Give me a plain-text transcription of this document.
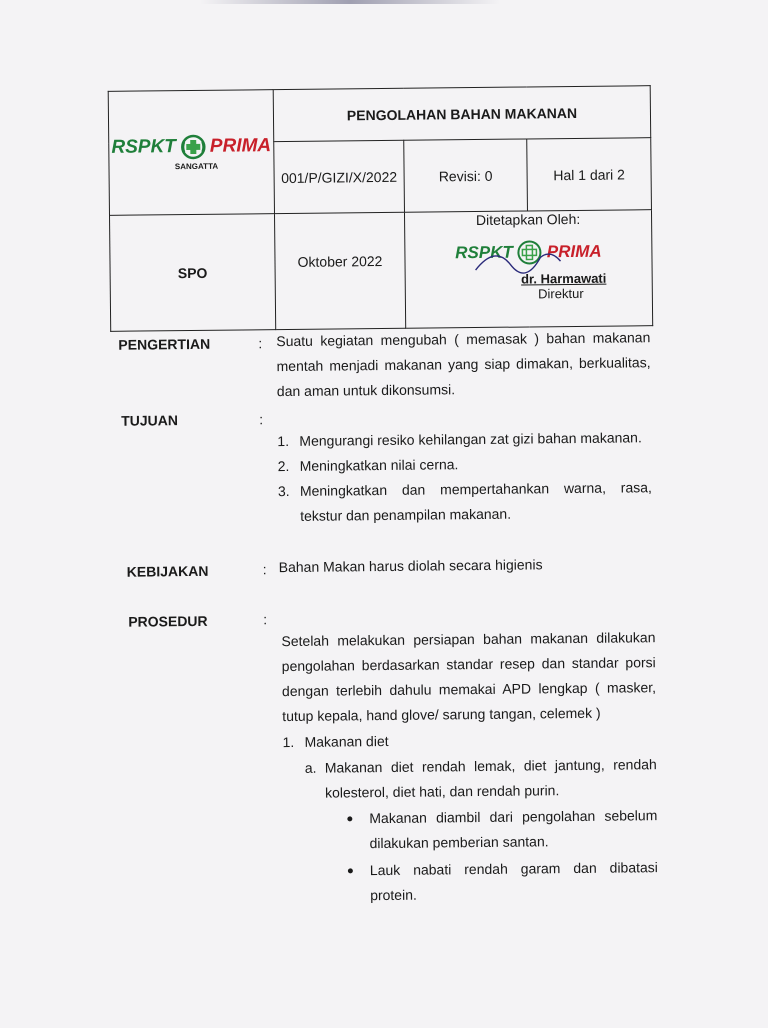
RSPKT PRIMA
SANGATTA	PENGOLAHAN BAHAN MAKANAN		
	001/P/GIZI/X/2022	Revisi: 0	Hal 1 dari 2
SPO	Oktober 2022	Ditetapkan Oleh:
RSPKT PRIMA
dr. Harmawati
Direktur	
PENGERTIAN	: Suatu kegiatan mengubah ( memasak ) bahan makanan mentah menjadi makanan yang siap dimakan, berkualitas, dan aman untuk dikonsumsi.
TUJUAN	:
1. Mengurangi resiko kehilangan zat gizi bahan makanan.
2. Meningkatkan nilai cerna.
3. Meningkatkan dan mempertahankan warna, rasa, tekstur dan penampilan makanan.
KEBIJAKAN	: Bahan Makan harus diolah secara higienis
PROSEDUR	:
Setelah melakukan persiapan bahan makanan dilakukan pengolahan berdasarkan standar resep dan standar porsi dengan terlebih dahulu memakai APD lengkap ( masker, tutup kepala, hand glove/ sarung tangan, celemek )
1. Makanan diet
a. Makanan diet rendah lemak, diet jantung, rendah kolesterol, diet hati, dan rendah purin.
Makanan diambil dari pengolahan sebelum dilakukan pemberian santan.
Lauk nabati rendah garam dan dibatasi protein.
